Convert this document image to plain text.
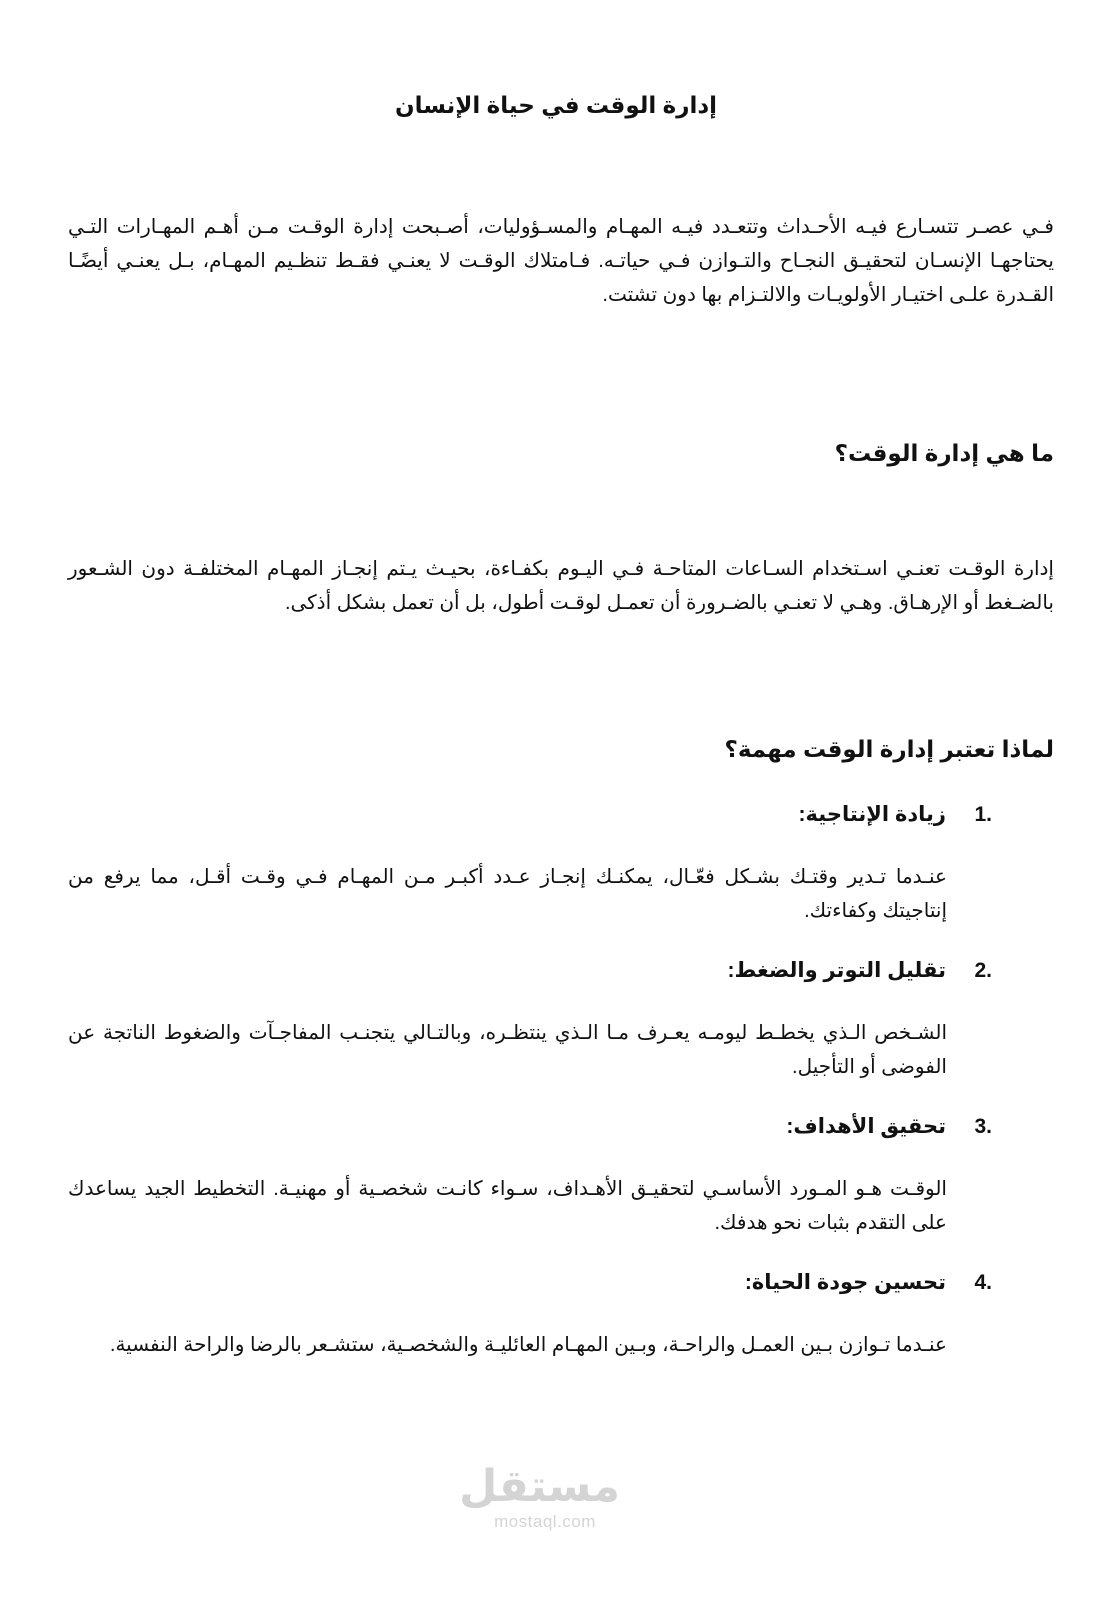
إدارة الوقت في حياة الإنسان
فـي عصـر تتسـارع فيـه الأحـداث وتتعـدد فيـه المهـام والمسـؤوليات، أصـبحت إدارة الوقـت مـن أهـم المهـارات التـي يحتاجهـا الإنسـان لتحقيـق النجـاح والتـوازن فـي حياتـه. فـامتلاك الوقـت لا يعنـي فقـط تنظـيم المهـام، بـل يعنـي أيضًـا القـدرة علـى اختيـار الأولويـات والالتـزام بها دون تشتت.
ما هي إدارة الوقت؟
إدارة الوقـت تعنـي اسـتخدام السـاعات المتاحـة فـي اليـوم بكفـاءة، بحيـث يـتم إنجـاز المهـام المختلفـة دون الشـعور بالضـغط أو الإرهـاق. وهـي لا تعنـي بالضـرورة أن تعمـل لوقـت أطول، بل أن تعمل بشكل أذكى.
لماذا تعتبر إدارة الوقت مهمة؟
1.
زيادة الإنتاجية:
عنـدما تـدير وقتـك بشـكل فعّـال، يمكنـك إنجـاز عـدد أكبـر مـن المهـام فـي وقـت أقـل، مما يرفع من إنتاجيتك وكفاءتك.
2.
تقليل التوتر والضغط:
الشـخص الـذي يخطـط ليومـه يعـرف مـا الـذي ينتظـره، وبالتـالي يتجنـب المفاجـآت والضغوط الناتجة عن الفوضى أو التأجيل.
3.
تحقيق الأهداف:
الوقـت هـو المـورد الأساسـي لتحقيـق الأهـداف، سـواء كانـت شخصـية أو مهنيـة. التخطيط الجيد يساعدك على التقدم بثبات نحو هدفك.
4.
تحسين جودة الحياة:
عنـدما تـوازن بـين العمـل والراحـة، وبـين المهـام العائليـة والشخصـية، ستشـعر بالرضا والراحة النفسية.
مستقل
mostaql.com
